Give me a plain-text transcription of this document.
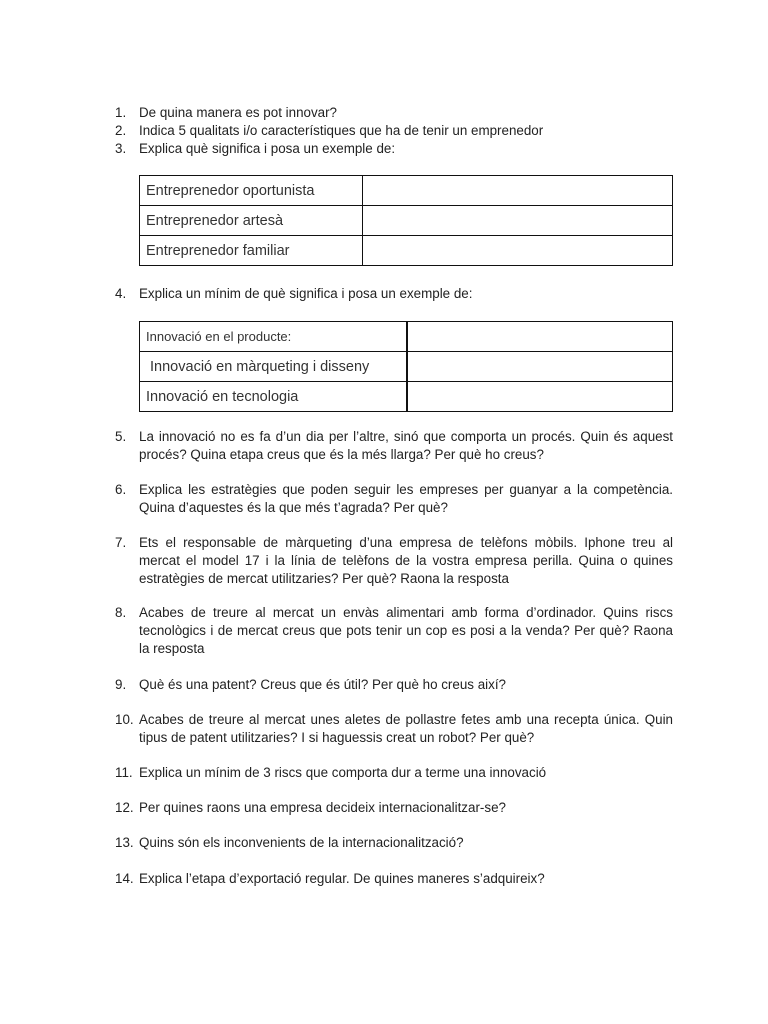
1. De quina manera es pot innovar?
2. Indica 5 qualitats i/o característiques que ha de tenir un emprenedor
3. Explica què significa i posa un exemple de:
Entreprenedor oportunista	
Entreprenedor artesà	
Entreprenedor familiar	
4. Explica un mínim de què significa i posa un exemple de:
Innovació en el producte:	
Innovació en màrqueting i disseny	
Innovació en tecnologia	
5. La innovació no es fa d’un dia per l’altre, sinó que comporta un procés. Quin és aquest procés? Quina etapa creus que és la més llarga? Per què ho creus?
6. Explica les estratègies que poden seguir les empreses per guanyar a la competència. Quina d’aquestes és la que més t’agrada? Per què?
7. Ets el responsable de màrqueting d’una empresa de telèfons mòbils. Iphone treu al mercat el model 17 i la línia de telèfons de la vostra empresa perilla. Quina o quines estratègies de mercat utilitzaries? Per què? Raona la resposta
8. Acabes de treure al mercat un envàs alimentari amb forma d’ordinador. Quins riscs tecnològics i de mercat creus que pots tenir un cop es posi a la venda? Per què? Raona la resposta
9. Què és una patent? Creus que és útil? Per què ho creus així?
10. Acabes de treure al mercat unes aletes de pollastre fetes amb una recepta única. Quin tipus de patent utilitzaries? I si haguessis creat un robot? Per què?
11. Explica un mínim de 3 riscs que comporta dur a terme una innovació
12. Per quines raons una empresa decideix internacionalitzar-se?
13. Quins són els inconvenients de la internacionalització?
14. Explica l’etapa d’exportació regular. De quines maneres s’adquireix?
